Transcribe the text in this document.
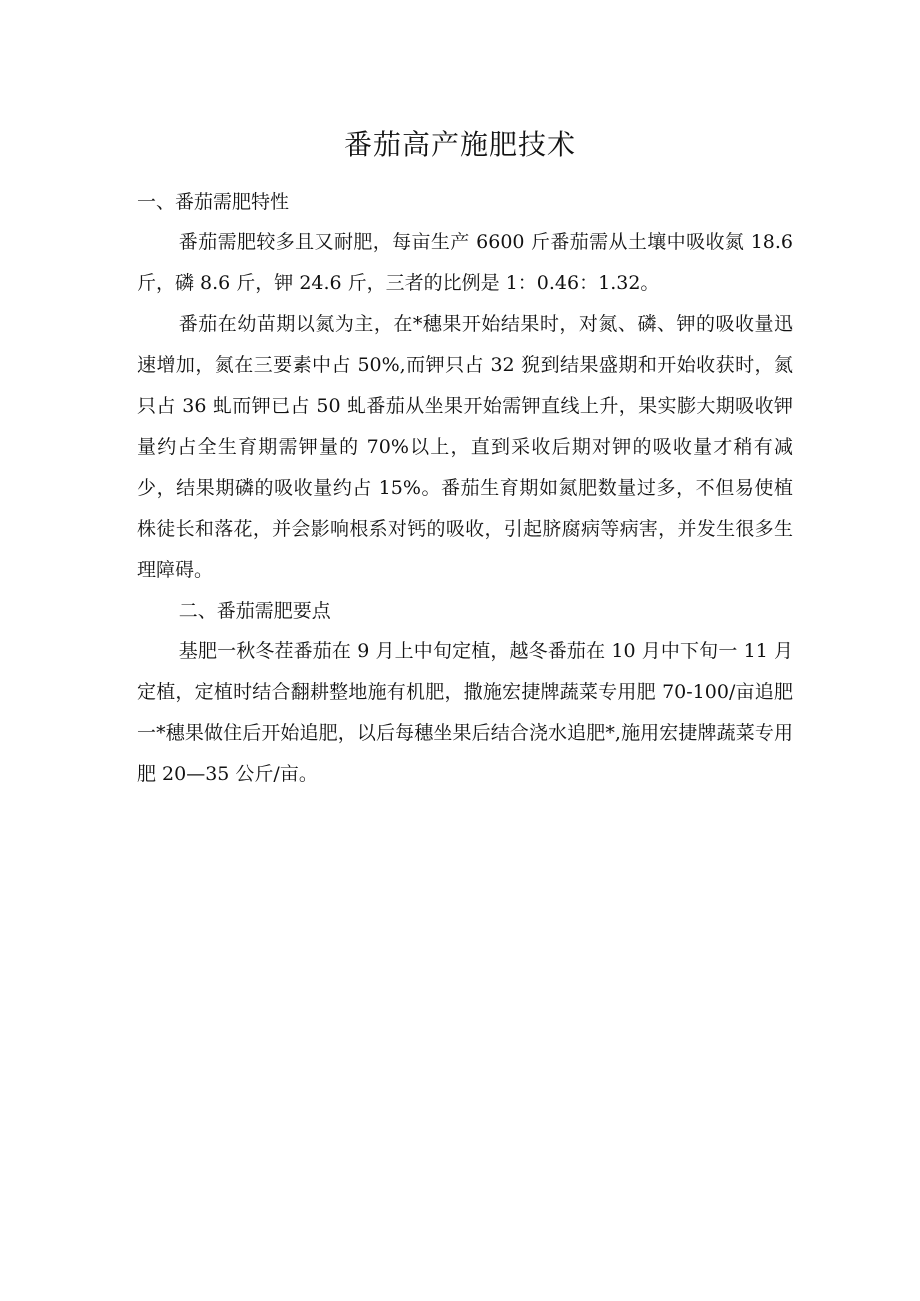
番茄高产施肥技术

一、番茄需肥特性

番茄需肥较多且又耐肥，每亩生产 6600 斤番茄需从土壤中吸收氮 18.6 斤，磷 8.6 斤，钾 24.6 斤，三者的比例是 1：0.46：1.32。

番茄在幼苗期以氮为主，在*穗果开始结果时，对氮、磷、钾的吸收量迅速增加，氮在三要素中占 50%,而钾只占 32 猊到结果盛期和开始收获时，氮只占 36 虬而钾已占 50 虬番茄从坐果开始需钾直线上升，果实膨大期吸收钾量约占全生育期需钾量的 70%以上，直到采收后期对钾的吸收量才稍有减少，结果期磷的吸收量约占 15%。番茄生育期如氮肥数量过多，不但易使植株徒长和落花，并会影响根系对钙的吸收，引起脐腐病等病害，并发生很多生理障碍。

二、番茄需肥要点

基肥一秋冬茬番茄在 9 月上中旬定植，越冬番茄在 10 月中下旬一 11 月定植，定植时结合翻耕整地施有机肥，撒施宏捷牌蔬菜专用肥 70-100/亩追肥一*穗果做住后开始追肥，以后每穗坐果后结合浇水追肥*,施用宏捷牌蔬菜专用肥 20—35 公斤/亩。
